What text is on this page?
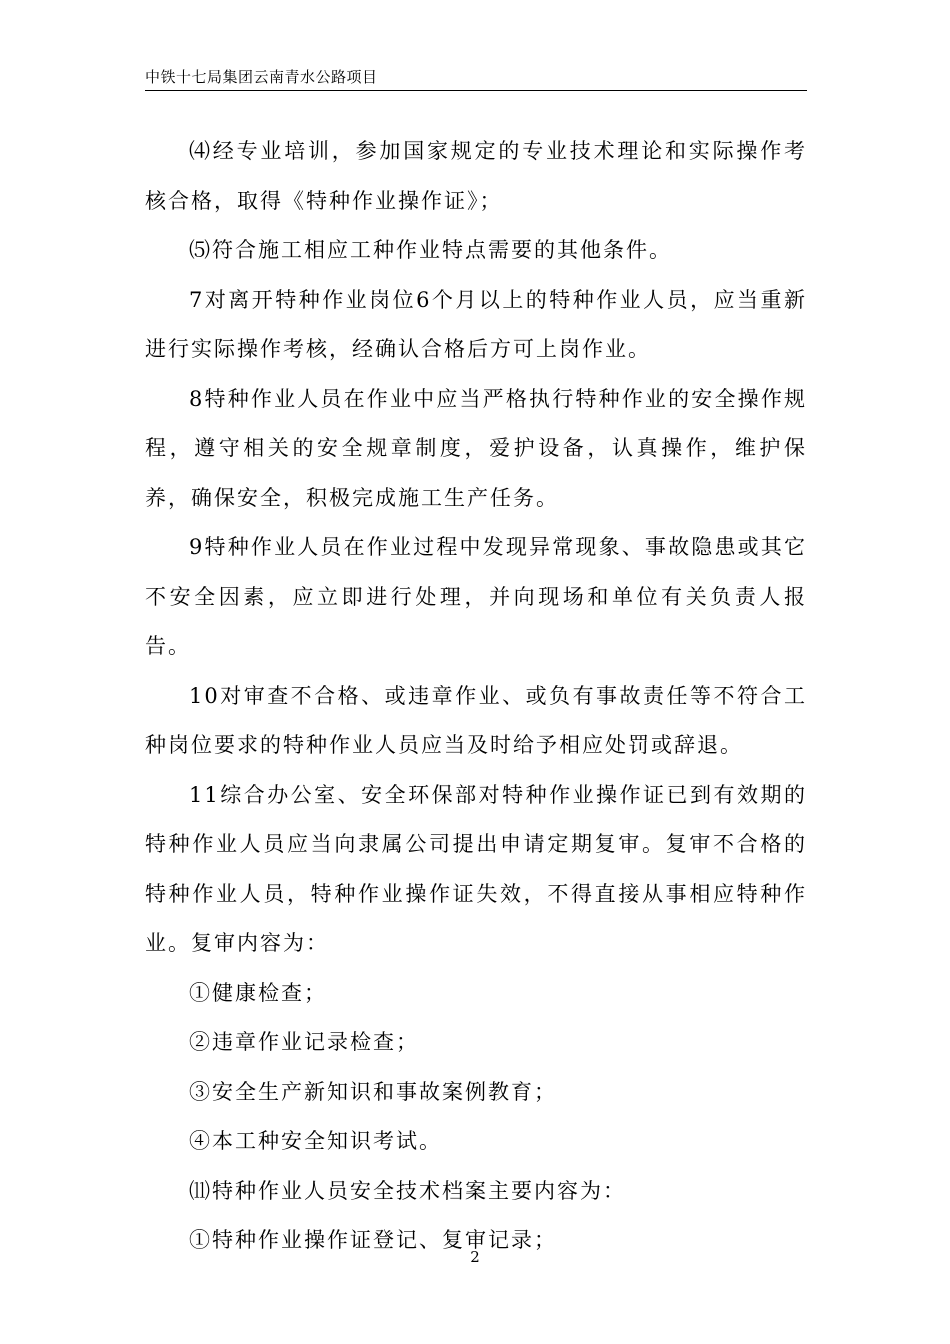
中铁十七局集团云南青水公路项目

⑷经专业培训，参加国家规定的专业技术理论和实际操作考核合格，取得《特种作业操作证》；

⑸符合施工相应工种作业特点需要的其他条件。

7对离开特种作业岗位6个月以上的特种作业人员，应当重新进行实际操作考核，经确认合格后方可上岗作业。

8特种作业人员在作业中应当严格执行特种作业的安全操作规程，遵守相关的安全规章制度，爱护设备，认真操作，维护保养，确保安全，积极完成施工生产任务。

9特种作业人员在作业过程中发现异常现象、事故隐患或其它不安全因素，应立即进行处理，并向现场和单位有关负责人报告。

10对审查不合格、或违章作业、或负有事故责任等不符合工种岗位要求的特种作业人员应当及时给予相应处罚或辞退。

11综合办公室、安全环保部对特种作业操作证已到有效期的特种作业人员应当向隶属公司提出申请定期复审。复审不合格的特种作业人员，特种作业操作证失效，不得直接从事相应特种作业。复审内容为：

①健康检查；

②违章作业记录检查；

③安全生产新知识和事故案例教育；

④本工种安全知识考试。

⑾特种作业人员安全技术档案主要内容为：

①特种作业操作证登记、复审记录；

2
